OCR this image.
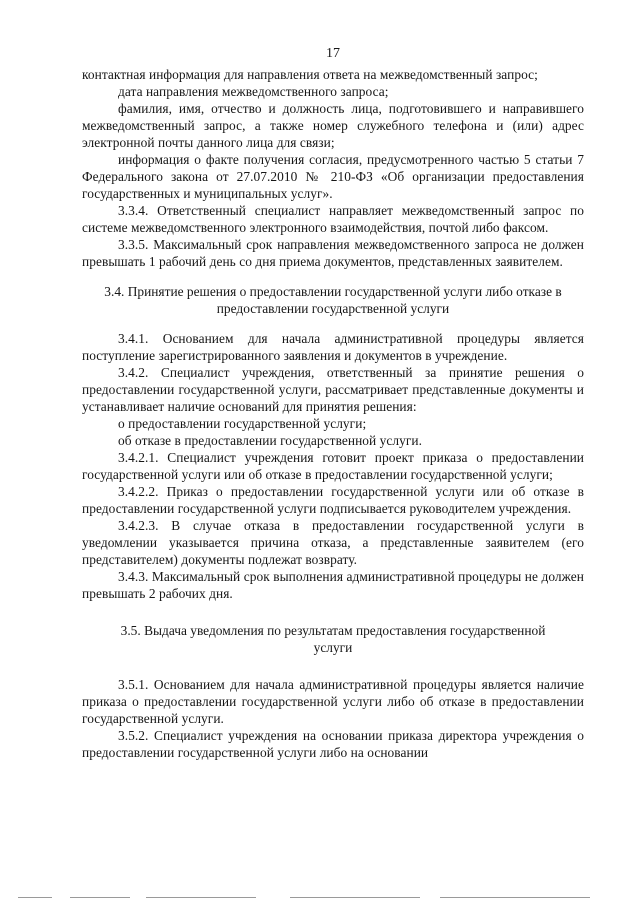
17

контактная информация для направления ответа на межведомственный запрос;

дата направления межведомственного запроса;

фамилия, имя, отчество и должность лица, подготовившего и направившего межведомственный запрос, а также номер служебного телефона и (или) адрес электронной почты данного лица для связи;

информация о факте получения согласия, предусмотренного частью 5 статьи 7 Федерального закона от 27.07.2010 № 210-ФЗ «Об организации предоставления государственных и муниципальных услуг».

3.3.4. Ответственный специалист направляет межведомственный запрос по системе межведомственного электронного взаимодействия, почтой либо факсом.

3.3.5. Максимальный срок направления межведомственного запроса не должен превышать 1 рабочий день со дня приема документов, представленных заявителем.

3.4. Принятие решения о предоставлении государственной услуги либо отказе в предоставлении государственной услуги

3.4.1. Основанием для начала административной процедуры является поступление зарегистрированного заявления и документов в учреждение.

3.4.2. Специалист учреждения, ответственный за принятие решения о предоставлении государственной услуги, рассматривает представленные документы и устанавливает наличие оснований для принятия решения:

о предоставлении государственной услуги;

об отказе в предоставлении государственной услуги.

3.4.2.1. Специалист учреждения готовит проект приказа о предоставлении государственной услуги или об отказе в предоставлении государственной услуги;

3.4.2.2. Приказ о предоставлении государственной услуги или об отказе в предоставлении государственной услуги подписывается руководителем учреждения.

3.4.2.3. В случае отказа в предоставлении государственной услуги в уведомлении указывается причина отказа, а представленные заявителем (его представителем) документы подлежат возврату.

3.4.3. Максимальный срок выполнения административной процедуры не должен превышать 2 рабочих дня.

3.5. Выдача уведомления по результатам предоставления государственной услуги

3.5.1. Основанием для начала административной процедуры является наличие приказа о предоставлении государственной услуги либо об отказе в предоставлении государственной услуги.

3.5.2. Специалист учреждения на основании приказа директора учреждения о предоставлении государственной услуги либо на основании
